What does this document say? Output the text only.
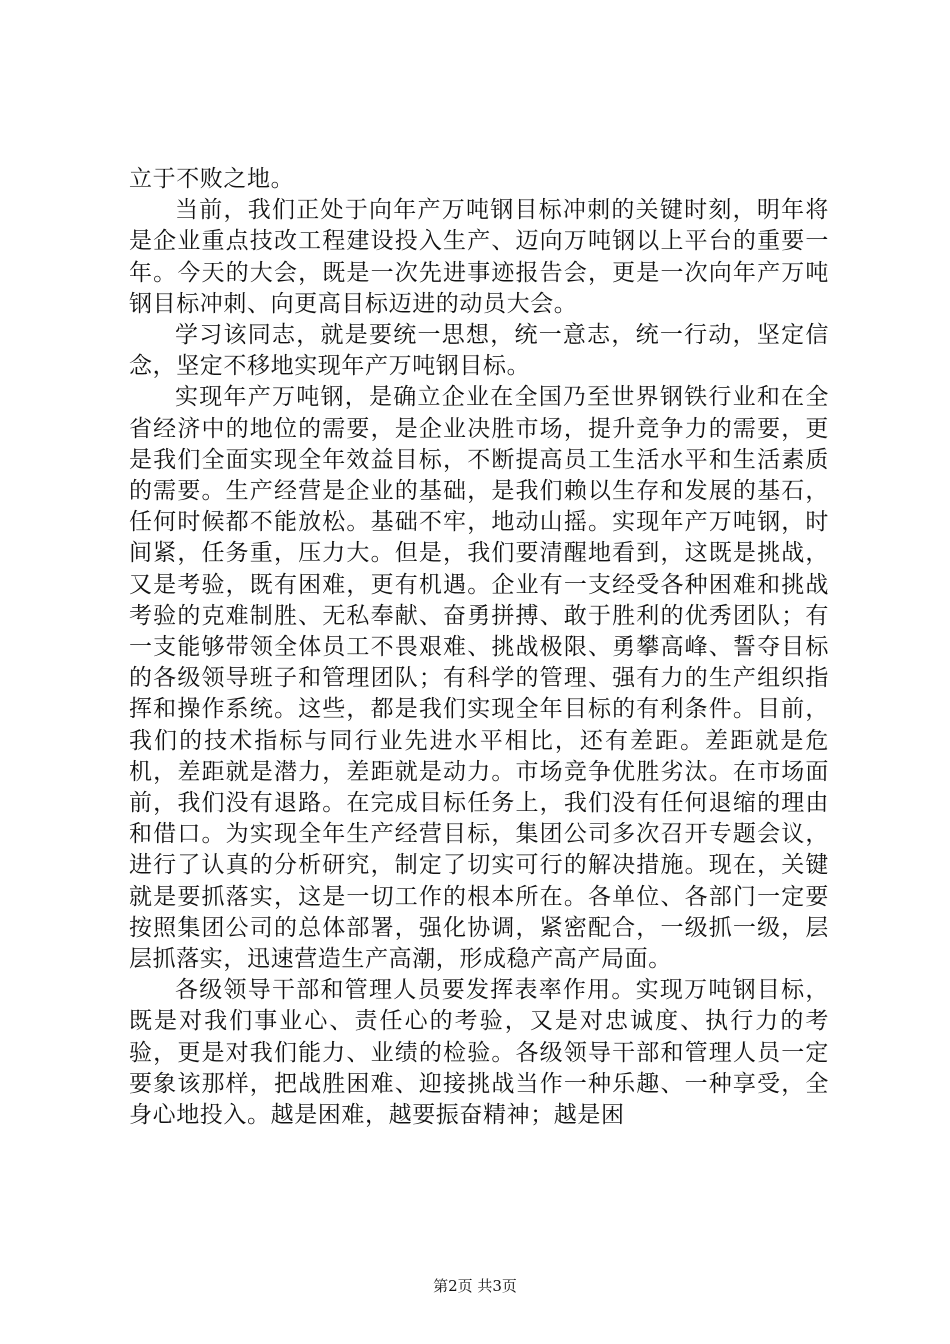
立于不败之地。

当前，我们正处于向年产万吨钢目标冲刺的关键时刻，明年将是企业重点技改工程建设投入生产、迈向万吨钢以上平台的重要一年。今天的大会，既是一次先进事迹报告会，更是一次向年产万吨钢目标冲刺、向更高目标迈进的动员大会。

学习该同志，就是要统一思想，统一意志，统一行动，坚定信念，坚定不移地实现年产万吨钢目标。

实现年产万吨钢，是确立企业在全国乃至世界钢铁行业和在全省经济中的地位的需要，是企业决胜市场，提升竞争力的需要，更是我们全面实现全年效益目标，不断提高员工生活水平和生活素质的需要。生产经营是企业的基础，是我们赖以生存和发展的基石，任何时候都不能放松。基础不牢，地动山摇。实现年产万吨钢，时间紧，任务重，压力大。但是，我们要清醒地看到，这既是挑战，又是考验，既有困难，更有机遇。企业有一支经受各种困难和挑战考验的克难制胜、无私奉献、奋勇拼搏、敢于胜利的优秀团队；有一支能够带领全体员工不畏艰难、挑战极限、勇攀高峰、誓夺目标的各级领导班子和管理团队；有科学的管理、强有力的生产组织指挥和操作系统。这些，都是我们实现全年目标的有利条件。目前，我们的技术指标与同行业先进水平相比，还有差距。差距就是危机，差距就是潜力，差距就是动力。市场竞争优胜劣汰。在市场面前，我们没有退路。在完成目标任务上，我们没有任何退缩的理由和借口。为实现全年生产经营目标，集团公司多次召开专题会议，进行了认真的分析研究，制定了切实可行的解决措施。现在，关键就是要抓落实，这是一切工作的根本所在。各单位、各部门一定要按照集团公司的总体部署，强化协调，紧密配合，一级抓一级，层层抓落实，迅速营造生产高潮，形成稳产高产局面。

各级领导干部和管理人员要发挥表率作用。实现万吨钢目标，既是对我们事业心、责任心的考验，又是对忠诚度、执行力的考验，更是对我们能力、业绩的检验。各级领导干部和管理人员一定要象该那样，把战胜困难、迎接挑战当作一种乐趣、一种享受，全身心地投入。越是困难，越要振奋精神；越是困

第2页 共3页
